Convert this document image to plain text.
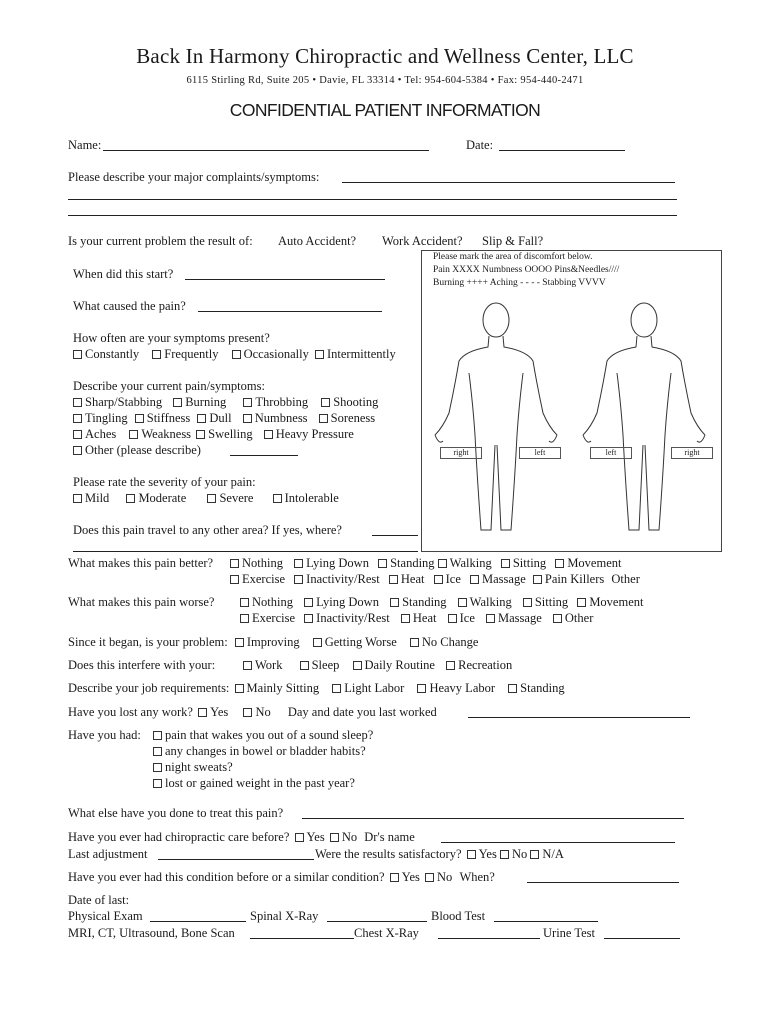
Back In Harmony Chiropractic and Wellness Center, LLC
6115 Stirling Rd, Suite 205 • Davie, FL 33314 • Tel: 954-604-5384 • Fax: 954-440-2471
CONFIDENTIAL PATIENT INFORMATION
Name:	Date:
Please describe your major complaints/symptoms:
Is your current problem the result of: Auto Accident? Work Accident? Slip & Fall?
Please mark the area of discomfort below.
Pain XXXX Numbness OOOO Pins&Needles////
Burning ++++ Aching - - - - Stabbing VVVV
right	left	left	right
When did this start?
What caused the pain?
How often are your symptoms present?
Constantly Frequently Occasionally Intermittently
Describe your current pain/symptoms:
Sharp/Stabbing Burning Throbbing Shooting
Tingling Stiffness Dull Numbness Soreness
Aches Weakness Swelling Heavy Pressure
Other (please describe)
Please rate the severity of your pain:
Mild Moderate	Severe Intolerable
Does this pain travel to any other area? If yes, where?
What makes this pain better?	Nothing Lying Down Standing Walking Sitting Movement
Exercise Inactivity/Rest Heat Ice Massage Pain Killers Other
What makes this pain worse?	Nothing Lying Down Standing Walking Sitting Movement
Exercise Inactivity/Rest Heat Ice Massage Other
Since it began, is your problem: Improving Getting Worse No Change
Does this interfere with your:	Work Sleep Daily Routine Recreation
Describe your job requirements: Mainly Sitting Light Labor Heavy Labor Standing
Have you lost any work? Yes No Day and date you last worked
Have you had:	pain that wakes you out of a sound sleep?
any changes in bowel or bladder habits?
night sweats?
lost or gained weight in the past year?
What else have you done to treat this pain?
Have you ever had chiropractic care before? Yes No Dr's name
Last adjustment	Were the results satisfactory? Yes No N/A
Have you ever had this condition before or a similar condition? Yes No When?
Date of last:
Physical Exam	Spinal X-Ray	Blood Test
MRI, CT, Ultrasound, Bone Scan	Chest X-Ray	Urine Test
